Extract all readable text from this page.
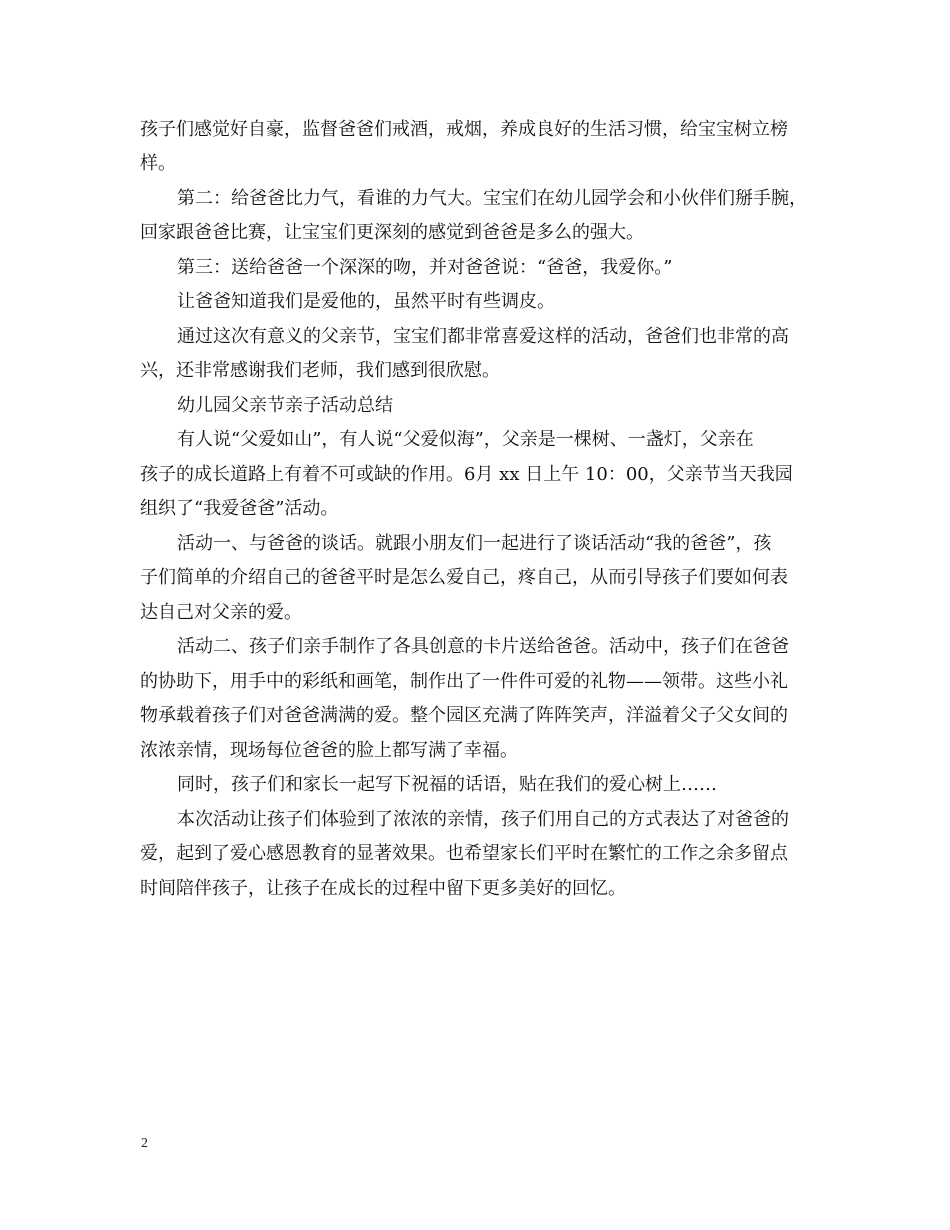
孩子们感觉好自豪，监督爸爸们戒酒，戒烟，养成良好的生活习惯，给宝宝树立榜
样。
第二：给爸爸比力气，看谁的力气大。宝宝们在幼儿园学会和小伙伴们掰手腕，
回家跟爸爸比赛，让宝宝们更深刻的感觉到爸爸是多么的强大。
第三：送给爸爸一个深深的吻，并对爸爸说：“爸爸，我爱你。”
让爸爸知道我们是爱他的，虽然平时有些调皮。
通过这次有意义的父亲节，宝宝们都非常喜爱这样的活动，爸爸们也非常的高
兴，还非常感谢我们老师，我们感到很欣慰。
幼儿园父亲节亲子活动总结
有人说“父爱如山”，有人说“父爱似海”，父亲是一棵树、一盏灯，父亲在
孩子的成长道路上有着不可或缺的作用。6月 xx 日上午 10：00，父亲节当天我园
组织了“我爱爸爸”活动。
活动一、与爸爸的谈话。就跟小朋友们一起进行了谈话活动“我的爸爸”，孩
子们简单的介绍自己的爸爸平时是怎么爱自己，疼自己，从而引导孩子们要如何表
达自己对父亲的爱。
活动二、孩子们亲手制作了各具创意的卡片送给爸爸。活动中，孩子们在爸爸
的协助下，用手中的彩纸和画笔，制作出了一件件可爱的礼物——领带。这些小礼
物承载着孩子们对爸爸满满的爱。整个园区充满了阵阵笑声，洋溢着父子父女间的
浓浓亲情，现场每位爸爸的脸上都写满了幸福。
同时，孩子们和家长一起写下祝福的话语，贴在我们的爱心树上……
本次活动让孩子们体验到了浓浓的亲情，孩子们用自己的方式表达了对爸爸的
爱，起到了爱心感恩教育的显著效果。也希望家长们平时在繁忙的工作之余多留点
时间陪伴孩子，让孩子在成长的过程中留下更多美好的回忆。
2
